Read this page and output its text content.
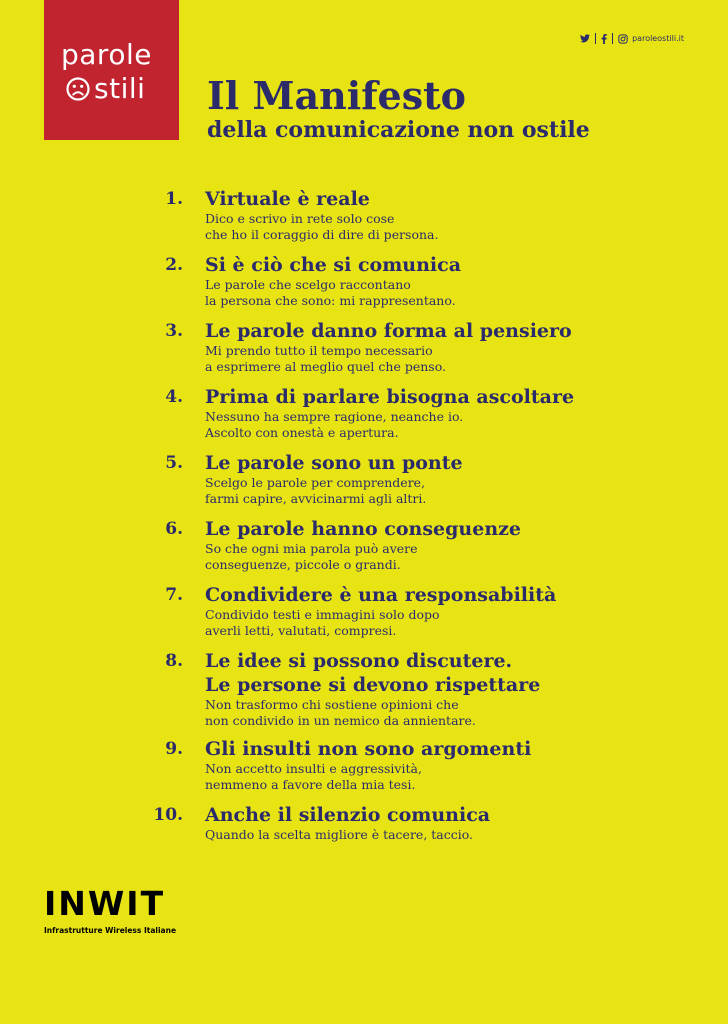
parole
stili
paroleostili.it
Il Manifesto
della comunicazione non ostile
1. Virtuale è reale
Dico e scrivo in rete solo cose
che ho il coraggio di dire di persona.
2. Si è ciò che si comunica
Le parole che scelgo raccontano
la persona che sono: mi rappresentano.
3. Le parole danno forma al pensiero
Mi prendo tutto il tempo necessario
a esprimere al meglio quel che penso.
4. Prima di parlare bisogna ascoltare
Nessuno ha sempre ragione, neanche io.
Ascolto con onestà e apertura.
5. Le parole sono un ponte
Scelgo le parole per comprendere,
farmi capire, avvicinarmi agli altri.
6. Le parole hanno conseguenze
So che ogni mia parola può avere
conseguenze, piccole o grandi.
7. Condividere è una responsabilità
Condivido testi e immagini solo dopo
averli letti, valutati, compresi.
8. Le idee si possono discutere.
Le persone si devono rispettare
Non trasformo chi sostiene opinioni che
non condivido in un nemico da annientare.
9. Gli insulti non sono argomenti
Non accetto insulti e aggressività,
nemmeno a favore della mia tesi.
10. Anche il silenzio comunica
Quando la scelta migliore è tacere, taccio.
INWIT
Infrastrutture Wireless Italiane
